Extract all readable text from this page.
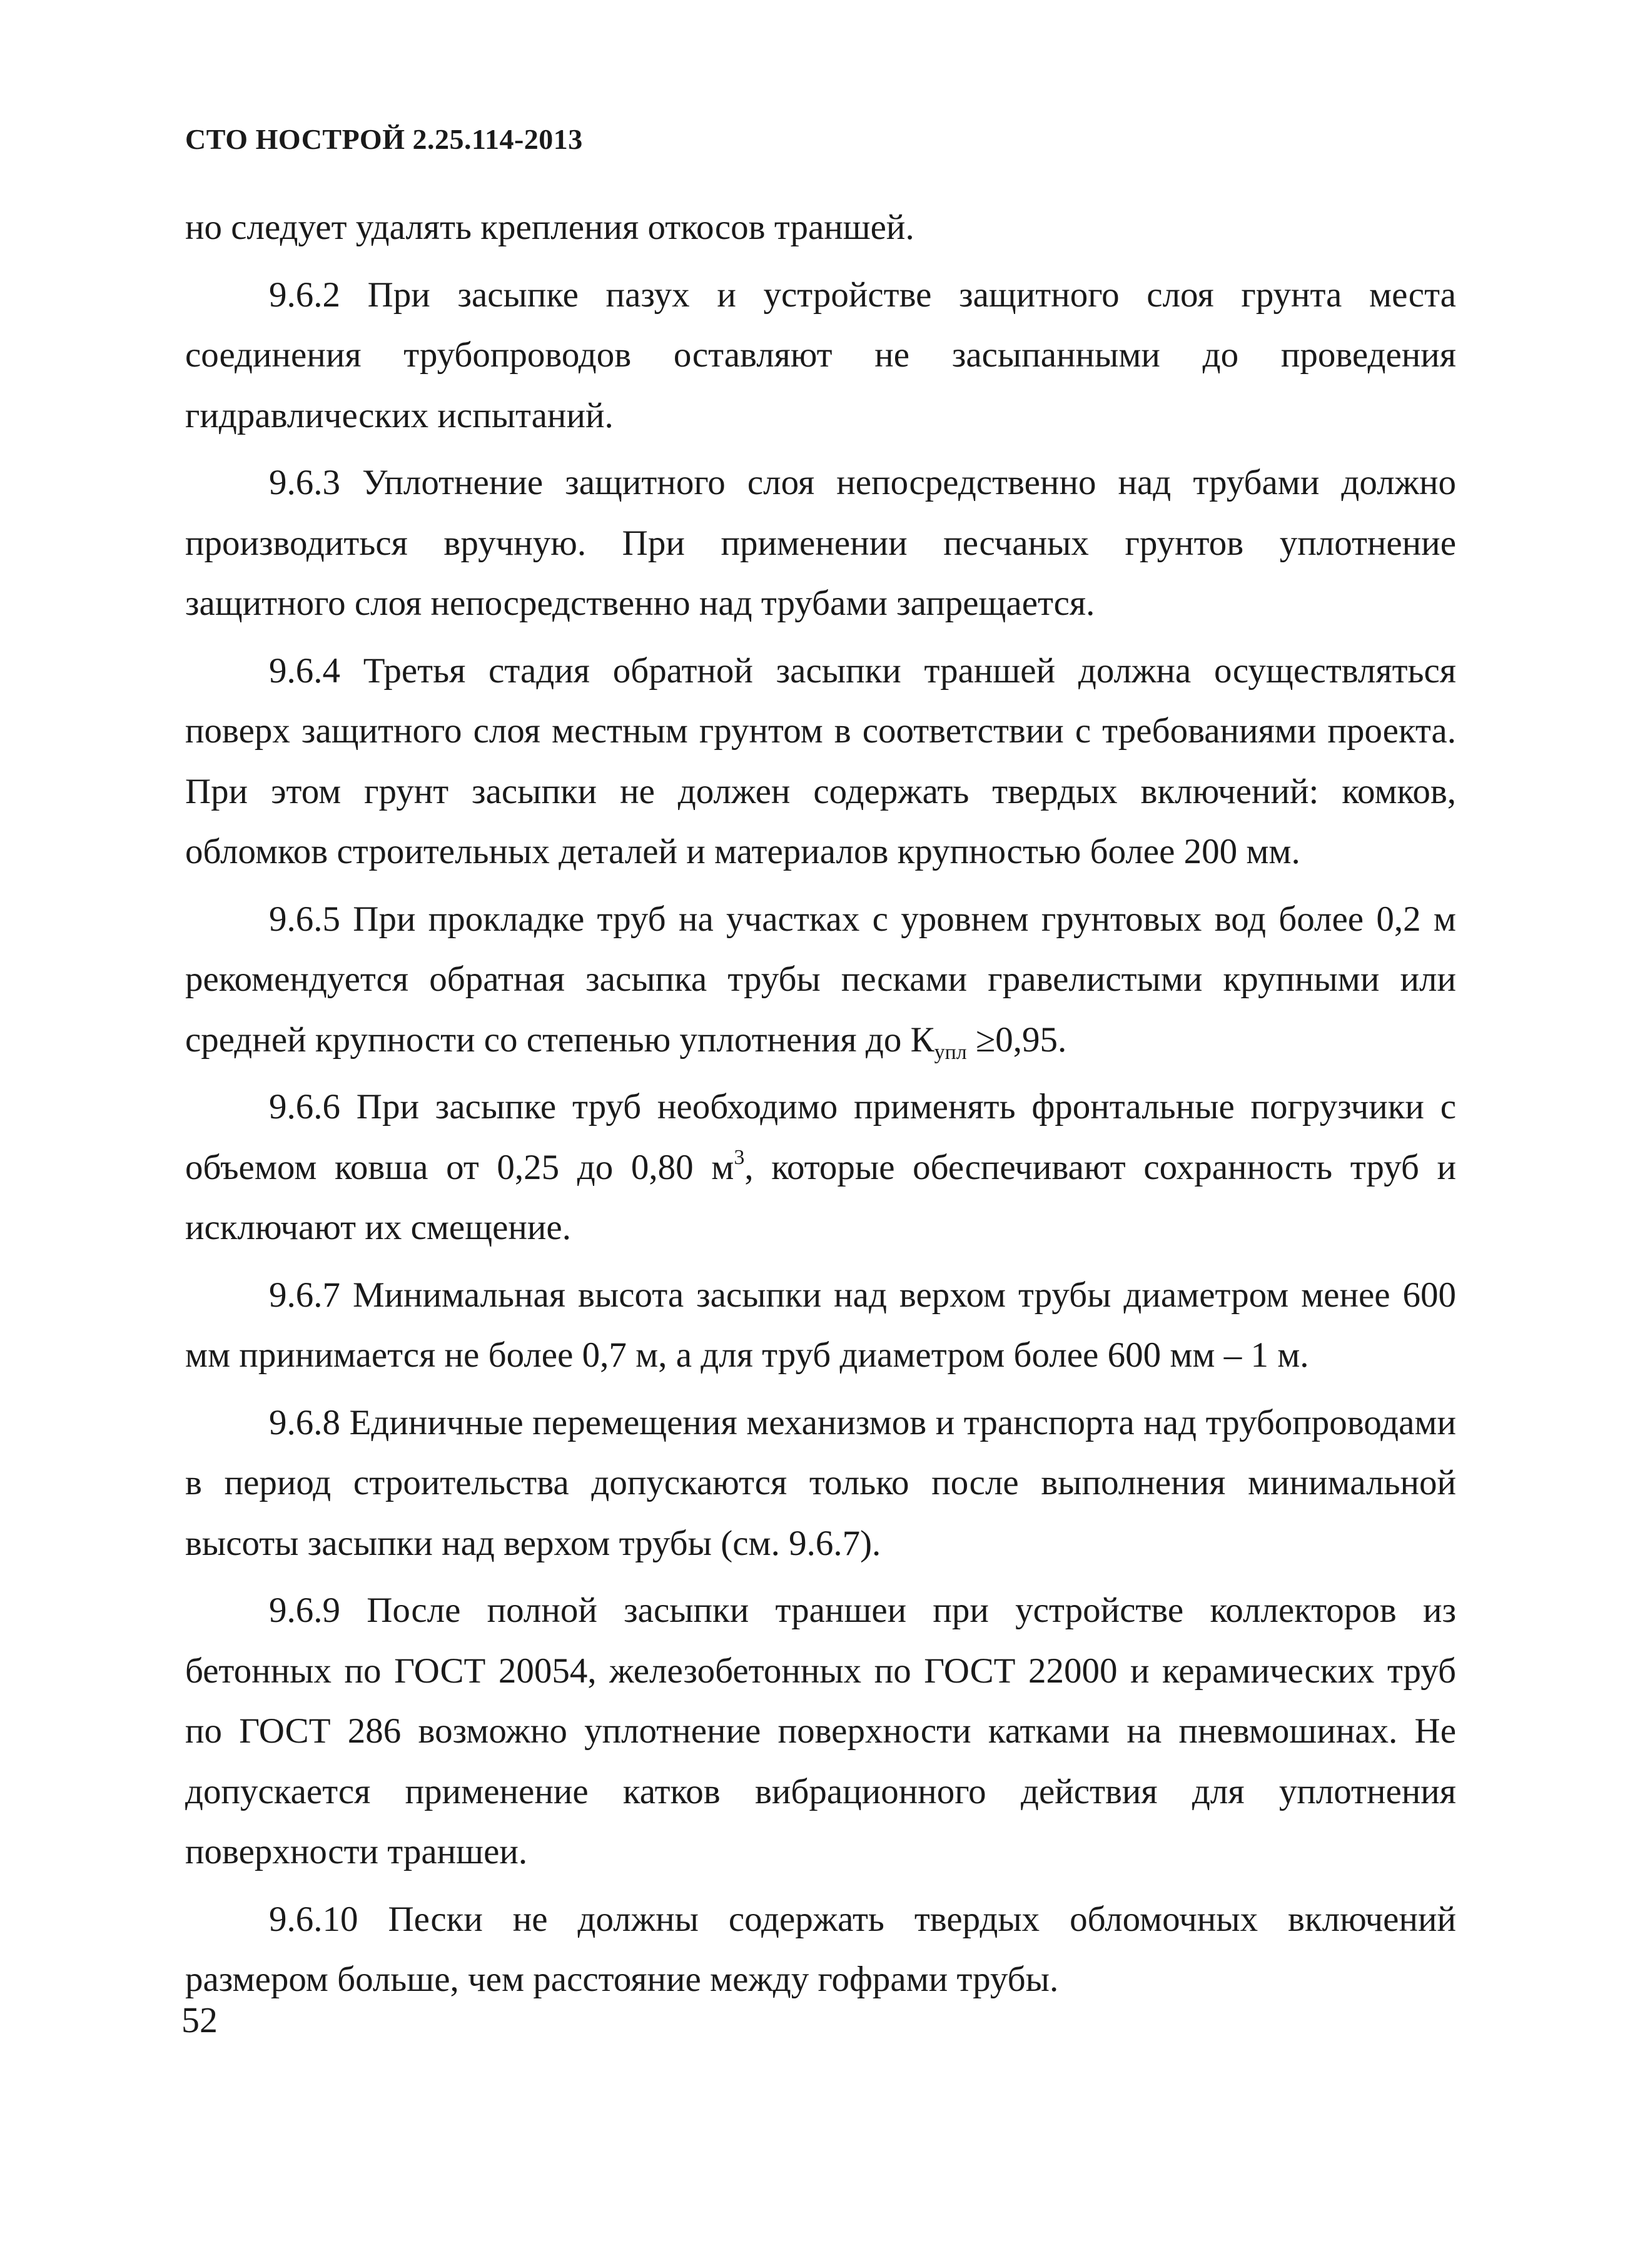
СТО НОСТРОЙ 2.25.114-2013

но следует удалять крепления откосов траншей.

9.6.2 При засыпке пазух и устройстве защитного слоя грунта места соединения трубопроводов оставляют не засыпанными до проведения гидравлических испытаний.

9.6.3 Уплотнение защитного слоя непосредственно над трубами должно производиться вручную. При применении песчаных грунтов уплотнение защитного слоя непосредственно над трубами запрещается.

9.6.4 Третья стадия обратной засыпки траншей должна осуществляться поверх защитного слоя местным грунтом в соответствии с требованиями проекта. При этом грунт засыпки не должен содержать твердых включений: комков, обломков строительных деталей и материалов крупностью более 200 мм.

9.6.5 При прокладке труб на участках с уровнем грунтовых вод более 0,2 м рекомендуется обратная засыпка трубы песками гравелистыми крупными или средней крупности со степенью уплотнения до $К_{упл} \ge 0,95$.

9.6.6 При засыпке труб необходимо применять фронтальные погрузчики с объемом ковша от 0,25 до 0,80 $м^3$, которые обеспечивают сохранность труб и исключают их смещение.

9.6.7 Минимальная высота засыпки над верхом трубы диаметром менее 600 мм принимается не более 0,7 м, а для труб диаметром более 600 мм – 1 м.

9.6.8 Единичные перемещения механизмов и транспорта над трубопроводами в период строительства допускаются только после выполнения минимальной высоты засыпки над верхом трубы (см. 9.6.7).

9.6.9 После полной засыпки траншеи при устройстве коллекторов из бетонных по ГОСТ 20054, железобетонных по ГОСТ 22000 и керамических труб по ГОСТ 286 возможно уплотнение поверхности катками на пневмошинах. Не допускается применение катков вибрационного действия для уплотнения поверхности траншеи.

9.6.10 Пески не должны содержать твердых обломочных включений размером больше, чем расстояние между гофрами трубы.

52
